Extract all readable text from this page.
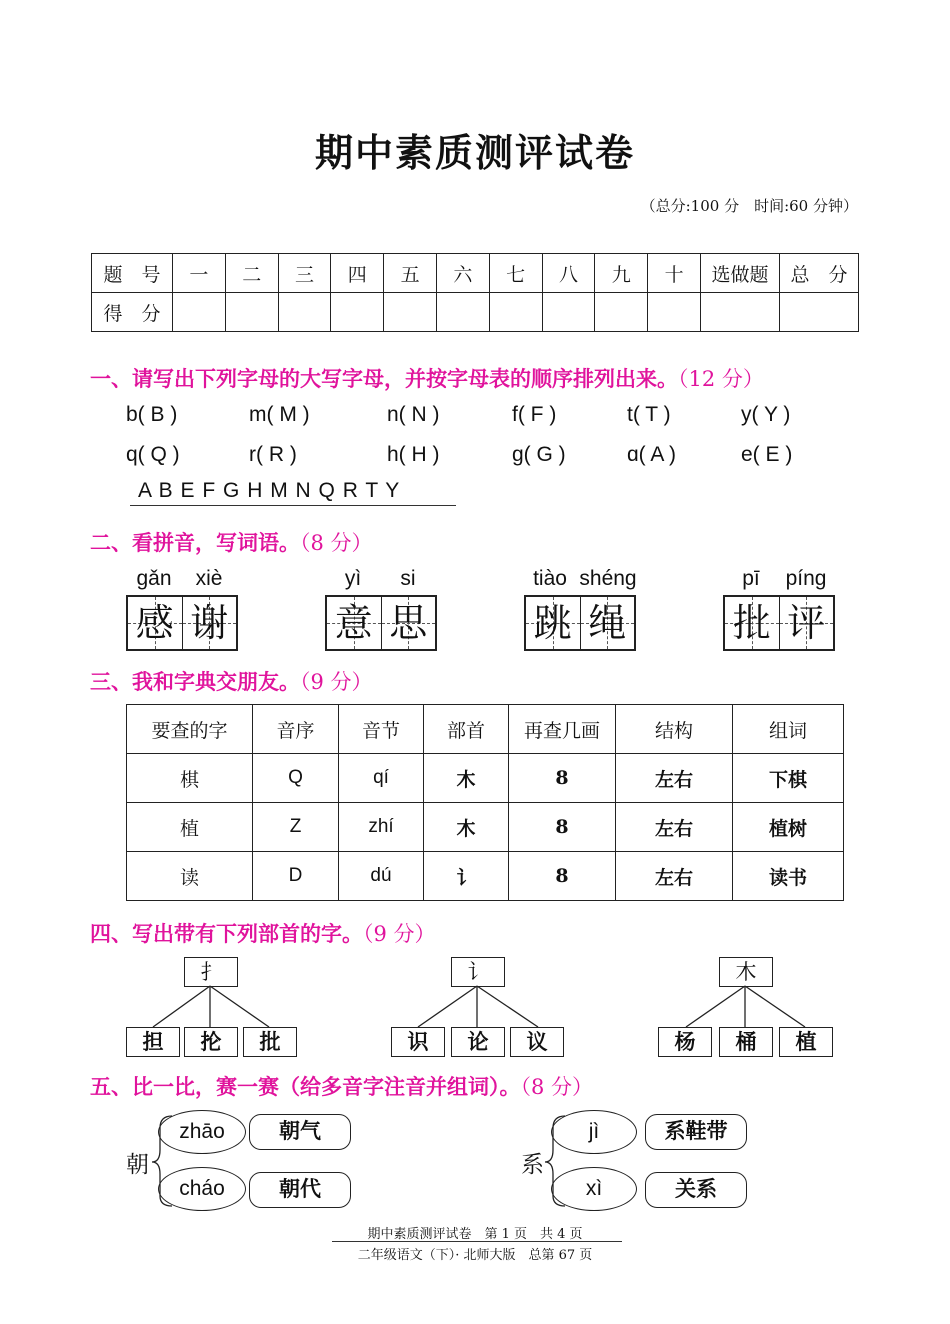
期中素质测评试卷
（总分:100 分　时间:60 分钟）
题　号	一	二	三	四	五	六	七	八	九	十	选做题	总　分
得　分												
一、请写出下列字母的大写字母，并按字母表的顺序排列出来。（12 分）
b( B )	m( M )	n( N )	f( F )	t( T )	y( Y )
q( Q )	r( R )	h( H )	g( G )	ɑ( A )	e( E )
A B E F G H M N Q R T Y
二、看拼音，写词语。（8 分）
gǎn	xiè
感 谢
yì	si
意 思
tiào shéng
跳 绳
pī	píng
批 评
三、我和字典交朋友。（9 分）
要查的字	音序	音节	部首	再查几画	结构	组词
棋	Q	qí	木	8	左右	下棋
植	Z	zhí	木	8	左右	植树
读	D	dú	讠	8	左右	读书
四、写出带有下列部首的字。（9 分）
扌
担	抡	批
讠
识	论	议
木
杨	桶	植
五、比一比，赛一赛（给多音字注音并组词）。（8 分）
朝
zhāo	朝气
cháo	朝代
系
jì	系鞋带
xì	关系
期中素质测评试卷　第 1 页　共 4 页
二年级语文（下）· 北师大版　总第 67 页
